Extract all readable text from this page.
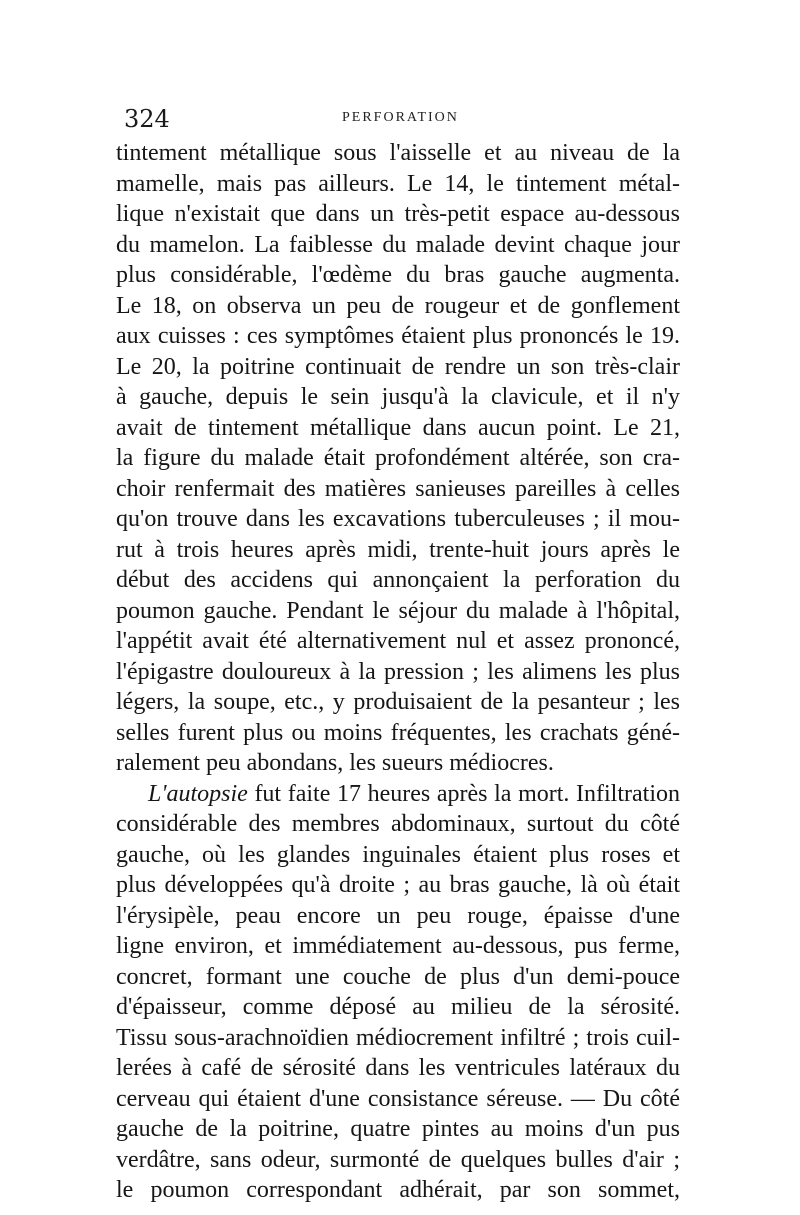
324	PERFORATION
tintement métallique sous l'aisselle et au niveau de la
mamelle, mais pas ailleurs. Le 14, le tintement métal-
lique n'existait que dans un très-petit espace au-dessous
du mamelon. La faiblesse du malade devint chaque jour
plus considérable, l'œdème du bras gauche augmenta.
Le 18, on observa un peu de rougeur et de gonflement
aux cuisses : ces symptômes étaient plus prononcés le 19.
Le 20, la poitrine continuait de rendre un son très-clair
à gauche, depuis le sein jusqu'à la clavicule, et il n'y
avait de tintement métallique dans aucun point. Le 21,
la figure du malade était profondément altérée, son cra-
choir renfermait des matières sanieuses pareilles à celles
qu'on trouve dans les excavations tuberculeuses ; il mou-
rut à trois heures après midi, trente-huit jours après le
début des accidens qui annonçaient la perforation du
poumon gauche. Pendant le séjour du malade à l'hôpital,
l'appétit avait été alternativement nul et assez prononcé,
l'épigastre douloureux à la pression ; les alimens les plus
légers, la soupe, etc., y produisaient de la pesanteur ; les
selles furent plus ou moins fréquentes, les crachats géné-
ralement peu abondans, les sueurs médiocres.
L'autopsie fut faite 17 heures après la mort. Infiltration
considérable des membres abdominaux, surtout du côté
gauche, où les glandes inguinales étaient plus roses et
plus développées qu'à droite ; au bras gauche, là où était
l'érysipèle, peau encore un peu rouge, épaisse d'une
ligne environ, et immédiatement au-dessous, pus ferme,
concret, formant une couche de plus d'un demi-pouce
d'épaisseur, comme déposé au milieu de la sérosité.
Tissu sous-arachnoïdien médiocrement infiltré ; trois cuil-
lerées à café de sérosité dans les ventricules latéraux du
cerveau qui étaient d'une consistance séreuse. — Du côté
gauche de la poitrine, quatre pintes au moins d'un pus
verdâtre, sans odeur, surmonté de quelques bulles d'air ;
le poumon correspondant adhérait, par son sommet,
